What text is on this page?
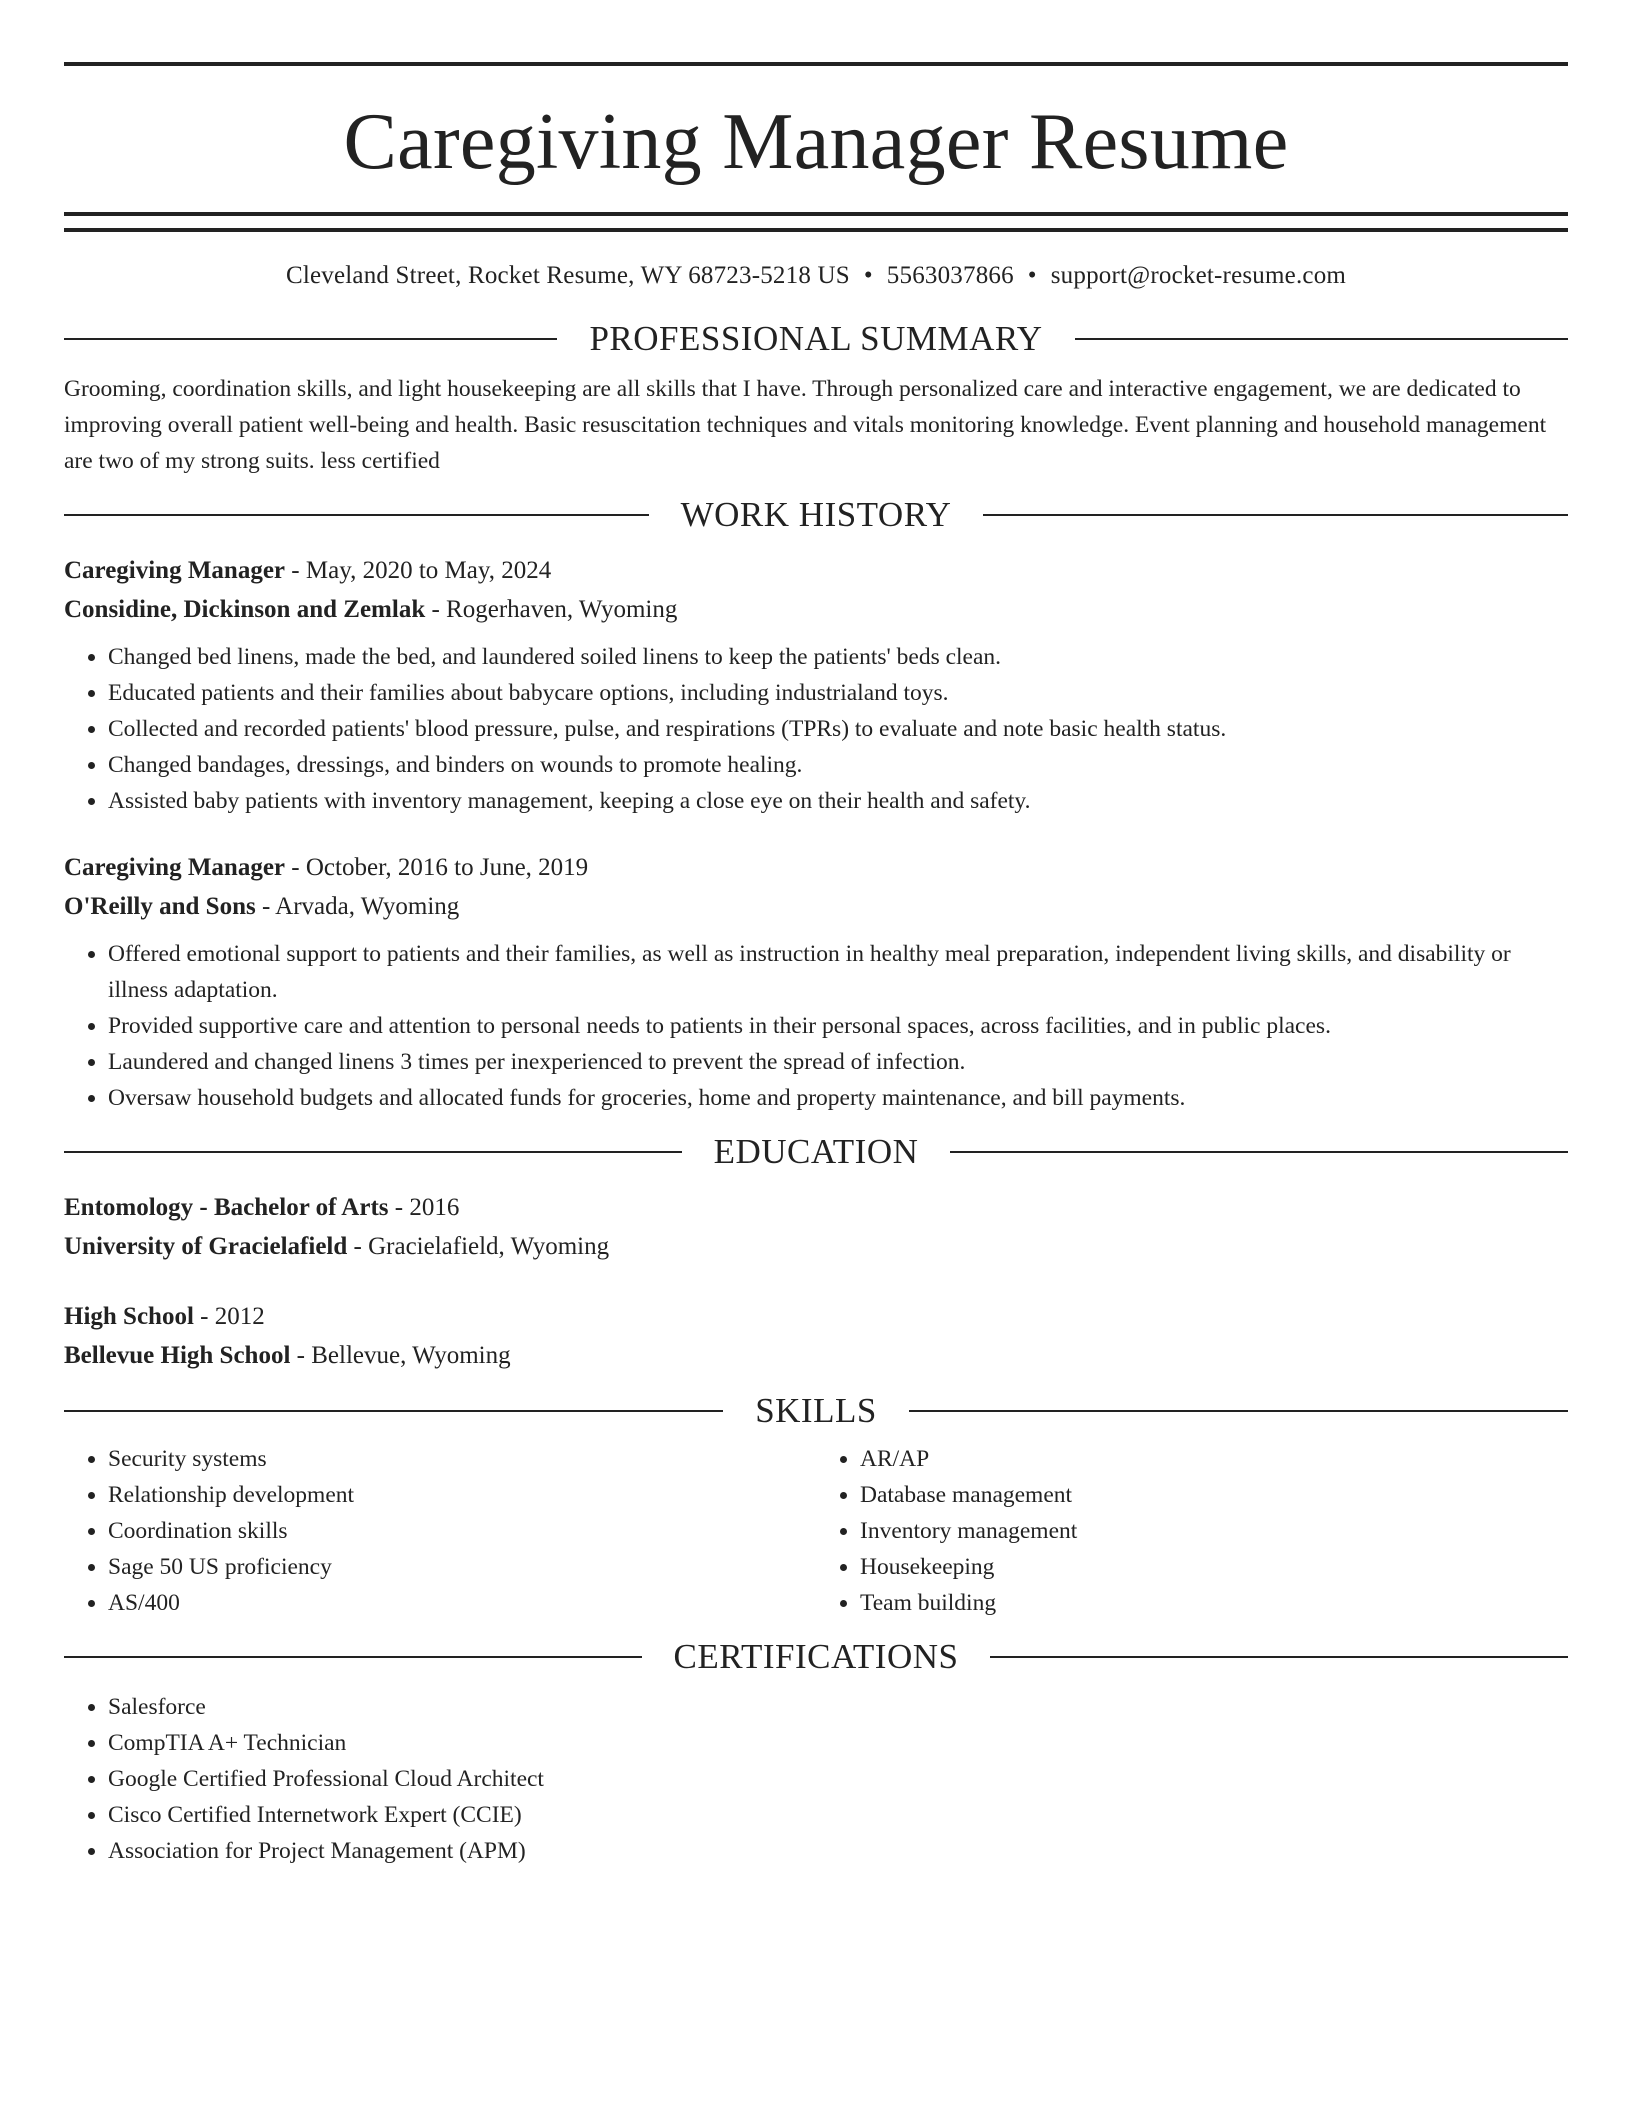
Caregiving Manager Resume
Cleveland Street, Rocket Resume, WY 68723-5218 US • 5563037866 • support@rocket-resume.com
PROFESSIONAL SUMMARY

Grooming, coordination skills, and light housekeeping are all skills that I have. Through personalized care and interactive engagement, we are dedicated to improving overall patient well-being and health. Basic resuscitation techniques and vitals monitoring knowledge. Event planning and household management are two of my strong suits. less certified

WORK HISTORY
Caregiving Manager - May, 2020 to May, 2024
Considine, Dickinson and Zemlak - Rogerhaven, Wyoming
• Changed bed linens, made the bed, and laundered soiled linens to keep the patients' beds clean.
• Educated patients and their families about babycare options, including industrialand toys.
• Collected and recorded patients' blood pressure, pulse, and respirations (TPRs) to evaluate and note basic health status.
• Changed bandages, dressings, and binders on wounds to promote healing.
• Assisted baby patients with inventory management, keeping a close eye on their health and safety.
Caregiving Manager - October, 2016 to June, 2019
O'Reilly and Sons - Arvada, Wyoming
• Offered emotional support to patients and their families, as well as instruction in healthy meal preparation, independent living skills, and disability or illness adaptation.
• Provided supportive care and attention to personal needs to patients in their personal spaces, across facilities, and in public places.
• Laundered and changed linens 3 times per inexperienced to prevent the spread of infection.
• Oversaw household budgets and allocated funds for groceries, home and property maintenance, and bill payments.
EDUCATION
Entomology - Bachelor of Arts - 2016
University of Gracielafield - Gracielafield, Wyoming
High School - 2012
Bellevue High School - Bellevue, Wyoming
SKILLS
• Security systems
• Relationship development
• Coordination skills
• Sage 50 US proficiency
• AS/400
• AR/AP
• Database management
• Inventory management
• Housekeeping
• Team building
CERTIFICATIONS
• Salesforce
• CompTIA A+ Technician
• Google Certified Professional Cloud Architect
• Cisco Certified Internetwork Expert (CCIE)
• Association for Project Management (APM)
